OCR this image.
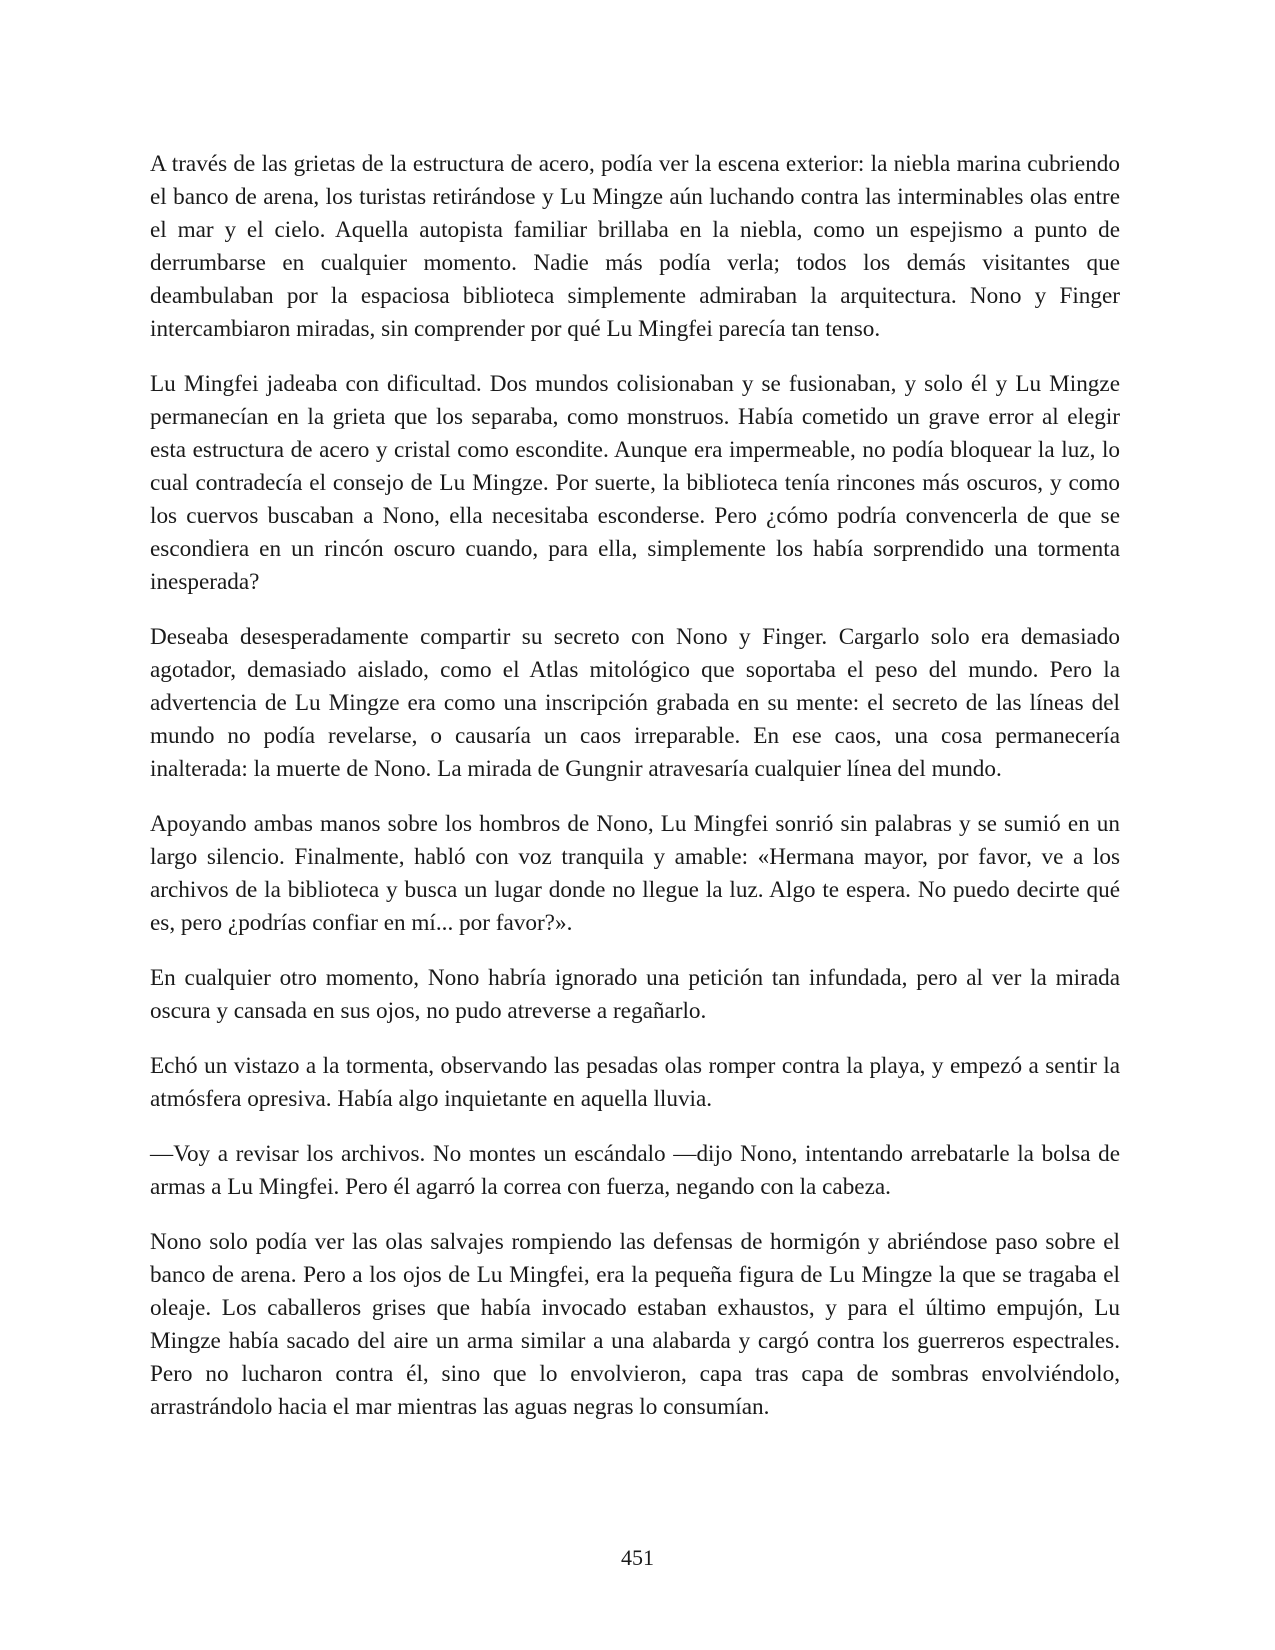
A través de las grietas de la estructura de acero, podía ver la escena exterior: la niebla marina cubriendo el banco de arena, los turistas retirándose y Lu Mingze aún luchando contra las interminables olas entre el mar y el cielo. Aquella autopista familiar brillaba en la niebla, como un espejismo a punto de derrumbarse en cualquier momento. Nadie más podía verla; todos los demás visitantes que deambulaban por la espaciosa biblioteca simplemente admiraban la arquitectura. Nono y Finger intercambiaron miradas, sin comprender por qué Lu Mingfei parecía tan tenso.

Lu Mingfei jadeaba con dificultad. Dos mundos colisionaban y se fusionaban, y solo él y Lu Mingze permanecían en la grieta que los separaba, como monstruos. Había cometido un grave error al elegir esta estructura de acero y cristal como escondite. Aunque era impermeable, no podía bloquear la luz, lo cual contradecía el consejo de Lu Mingze. Por suerte, la biblioteca tenía rincones más oscuros, y como los cuervos buscaban a Nono, ella necesitaba esconderse. Pero ¿cómo podría convencerla de que se escondiera en un rincón oscuro cuando, para ella, simplemente los había sorprendido una tormenta inesperada?

Deseaba desesperadamente compartir su secreto con Nono y Finger. Cargarlo solo era demasiado agotador, demasiado aislado, como el Atlas mitológico que soportaba el peso del mundo. Pero la advertencia de Lu Mingze era como una inscripción grabada en su mente: el secreto de las líneas del mundo no podía revelarse, o causaría un caos irreparable. En ese caos, una cosa permanecería inalterada: la muerte de Nono. La mirada de Gungnir atravesaría cualquier línea del mundo.

Apoyando ambas manos sobre los hombros de Nono, Lu Mingfei sonrió sin palabras y se sumió en un largo silencio. Finalmente, habló con voz tranquila y amable: «Hermana mayor, por favor, ve a los archivos de la biblioteca y busca un lugar donde no llegue la luz. Algo te espera. No puedo decirte qué es, pero ¿podrías confiar en mí... por favor?».

En cualquier otro momento, Nono habría ignorado una petición tan infundada, pero al ver la mirada oscura y cansada en sus ojos, no pudo atreverse a regañarlo.

Echó un vistazo a la tormenta, observando las pesadas olas romper contra la playa, y empezó a sentir la atmósfera opresiva. Había algo inquietante en aquella lluvia.

—Voy a revisar los archivos. No montes un escándalo —dijo Nono, intentando arrebatarle la bolsa de armas a Lu Mingfei. Pero él agarró la correa con fuerza, negando con la cabeza.

Nono solo podía ver las olas salvajes rompiendo las defensas de hormigón y abriéndose paso sobre el banco de arena. Pero a los ojos de Lu Mingfei, era la pequeña figura de Lu Mingze la que se tragaba el oleaje. Los caballeros grises que había invocado estaban exhaustos, y para el último empujón, Lu Mingze había sacado del aire un arma similar a una alabarda y cargó contra los guerreros espectrales. Pero no lucharon contra él, sino que lo envolvieron, capa tras capa de sombras envolviéndolo, arrastrándolo hacia el mar mientras las aguas negras lo consumían.

451
